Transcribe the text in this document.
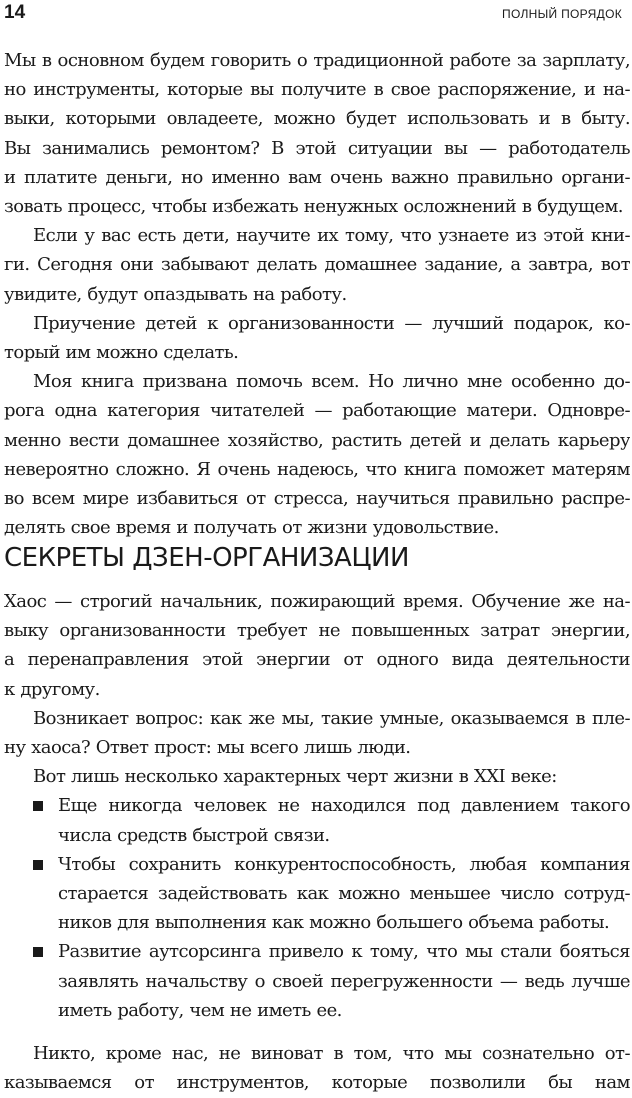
14	ПОЛНЫЙ ПОРЯДОК
СЕКРЕТЫ ДЗЕН-ОРГАНИЗАЦИИ
Мы в основном будем говорить о традиционной работе за зарплату,
но инструменты, которые вы получите в свое распоряжение, и на-
выки, которыми овладеете, можно будет использовать и в быту.
Вы занимались ремонтом? В этой ситуации вы — работодатель
и платите деньги, но именно вам очень важно правильно органи-
зовать процесс, чтобы избежать ненужных осложнений в будущем.
Если у вас есть дети, научите их тому, что узнаете из этой кни-
ги. Сегодня они забывают делать домашнее задание, а завтра, вот
увидите, будут опаздывать на работу.
Приучение детей к организованности — лучший подарок, ко-
торый им можно сделать.
Моя книга призвана помочь всем. Но лично мне особенно до-
рога одна категория читателей — работающие матери. Одновре-
менно вести домашнее хозяйство, растить детей и делать карьеру
невероятно сложно. Я очень надеюсь, что книга поможет матерям
во всем мире избавиться от стресса, научиться правильно распре-
делять свое время и получать от жизни удовольствие.
Хаос — строгий начальник, пожирающий время. Обучение же на-
выку организованности требует не повышенных затрат энергии,
а перенаправления этой энергии от одного вида деятельности
к другому.
Возникает вопрос: как же мы, такие умные, оказываемся в пле-
ну хаоса? Ответ прост: мы всего лишь люди.
Вот лишь несколько характерных черт жизни в XXI веке:
Еще никогда человек не находился под давлением такого
числа средств быстрой связи.
Чтобы сохранить конкурентоспособность, любая компания
старается задействовать как можно меньшее число сотруд-
ников для выполнения как можно большего объема работы.
Развитие аутсорсинга привело к тому, что мы стали бояться
заявлять начальству о своей перегруженности — ведь лучше
иметь работу, чем не иметь ее.
Никто, кроме нас, не виноват в том, что мы сознательно от-
казываемся от инструментов, которые позволили бы нам
